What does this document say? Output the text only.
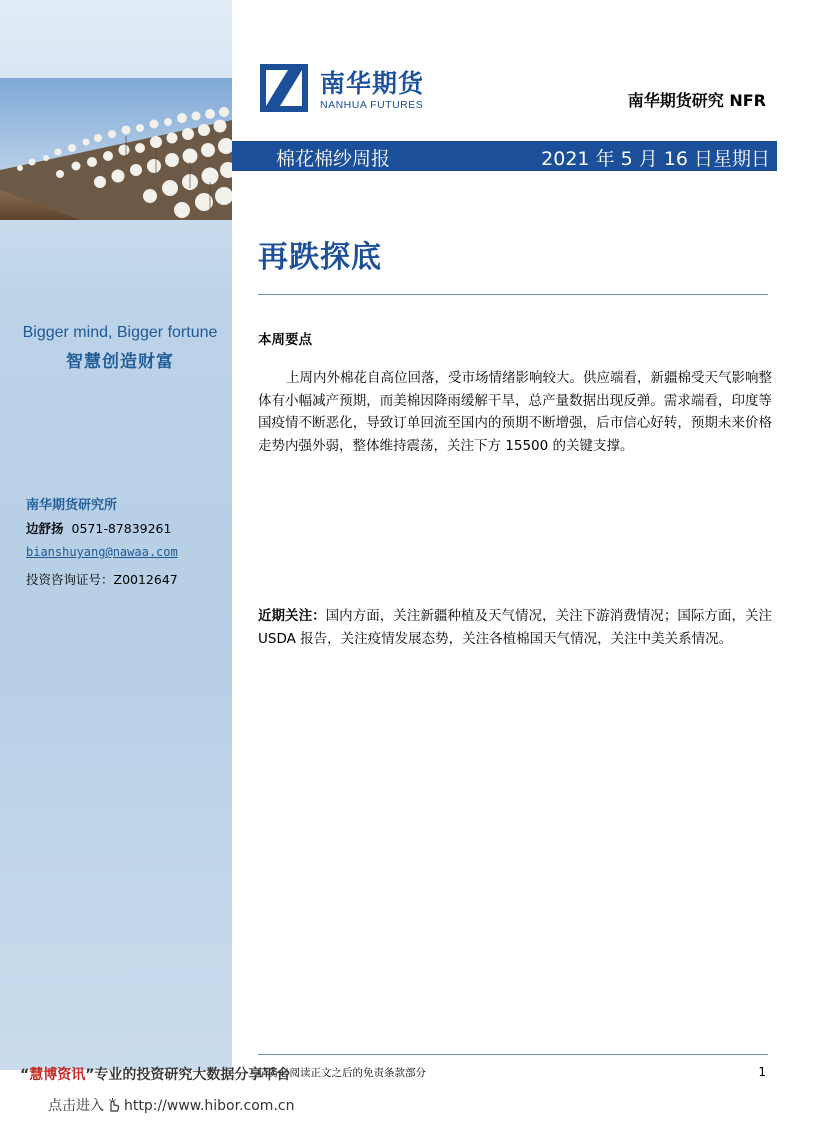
Bigger mind, Bigger fortune
智慧创造财富
南华期货研究所
边舒扬 0571-87839261
bianshuyang@nawaa.com
投资咨询证号：Z0012647
南华期货
NANHUA FUTURES	南华期货研究 NFR
棉花棉纱周报	2021 年 5 月 16 日星期日
再跌探底
本周要点
上周内外棉花自高位回落，受市场情绪影响较大。供应端看，新疆棉受天气影响整体有小幅减产预期，而美棉因降雨缓解干旱，总产量数据出现反弹。需求端看，印度等国疫情不断恶化，导致订单回流至国内的预期不断增强，后市信心好转，预期未来价格走势内强外弱，整体维持震荡，关注下方 15500 的关键支撑。
近期关注：国内方面，关注新疆种植及天气情况，关注下游消费情况；国际方面，关注 USDA 报告，关注疫情发展态势，关注各植棉国天气情况，关注中美关系情况。
请务必阅读正文之后的免责条款部分	1
“慧博资讯”专业的投资研究大数据分享平台
点击进入 http://www.hibor.com.cn
